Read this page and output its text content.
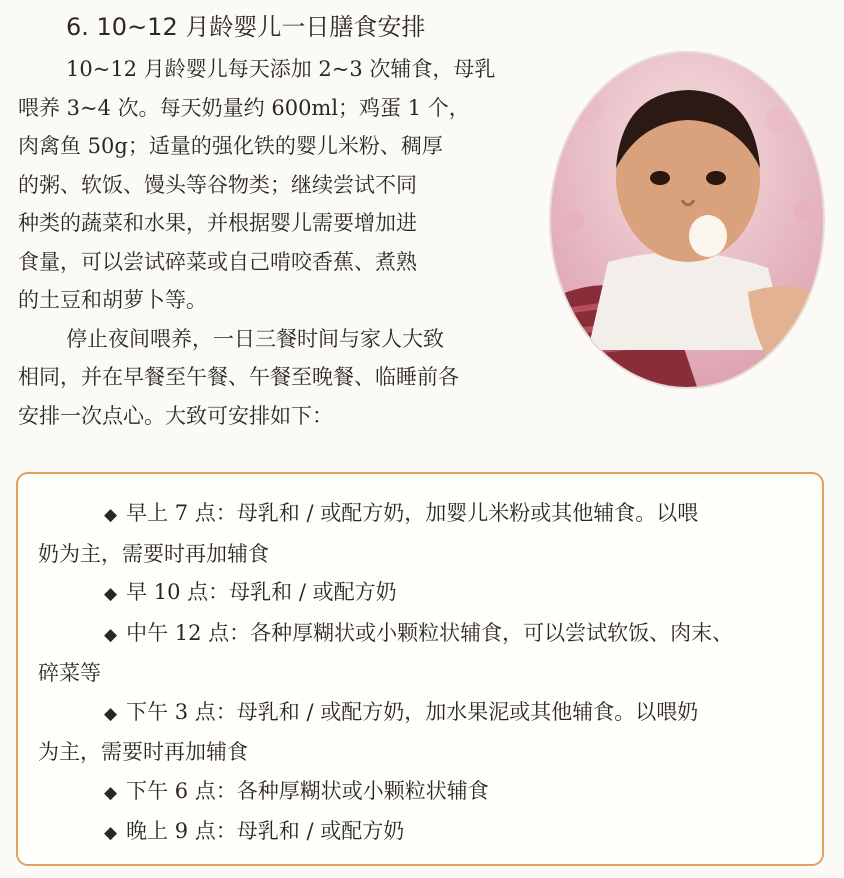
6. 10~12 月龄婴儿一日膳食安排

10~12 月龄婴儿每天添加 2~3 次辅食，母乳
喂养 3~4 次。每天奶量约 600ml；鸡蛋 1 个，
肉禽鱼 50g；适量的强化铁的婴儿米粉、稠厚
的粥、软饭、馒头等谷物类；继续尝试不同
种类的蔬菜和水果，并根据婴儿需要增加进
食量，可以尝试碎菜或自己啃咬香蕉、煮熟
的土豆和胡萝卜等。

停止夜间喂养，一日三餐时间与家人大致
相同，并在早餐至午餐、午餐至晚餐、临睡前各
安排一次点心。大致可安排如下：

◆ 早上 7 点：母乳和 / 或配方奶，加婴儿米粉或其他辅食。以喂
奶为主，需要时再加辅食
◆ 早 10 点：母乳和 / 或配方奶
◆ 中午 12 点：各种厚糊状或小颗粒状辅食，可以尝试软饭、肉末、
碎菜等
◆ 下午 3 点：母乳和 / 或配方奶，加水果泥或其他辅食。以喂奶
为主，需要时再加辅食
◆ 下午 6 点：各种厚糊状或小颗粒状辅食
◆ 晚上 9 点：母乳和 / 或配方奶
